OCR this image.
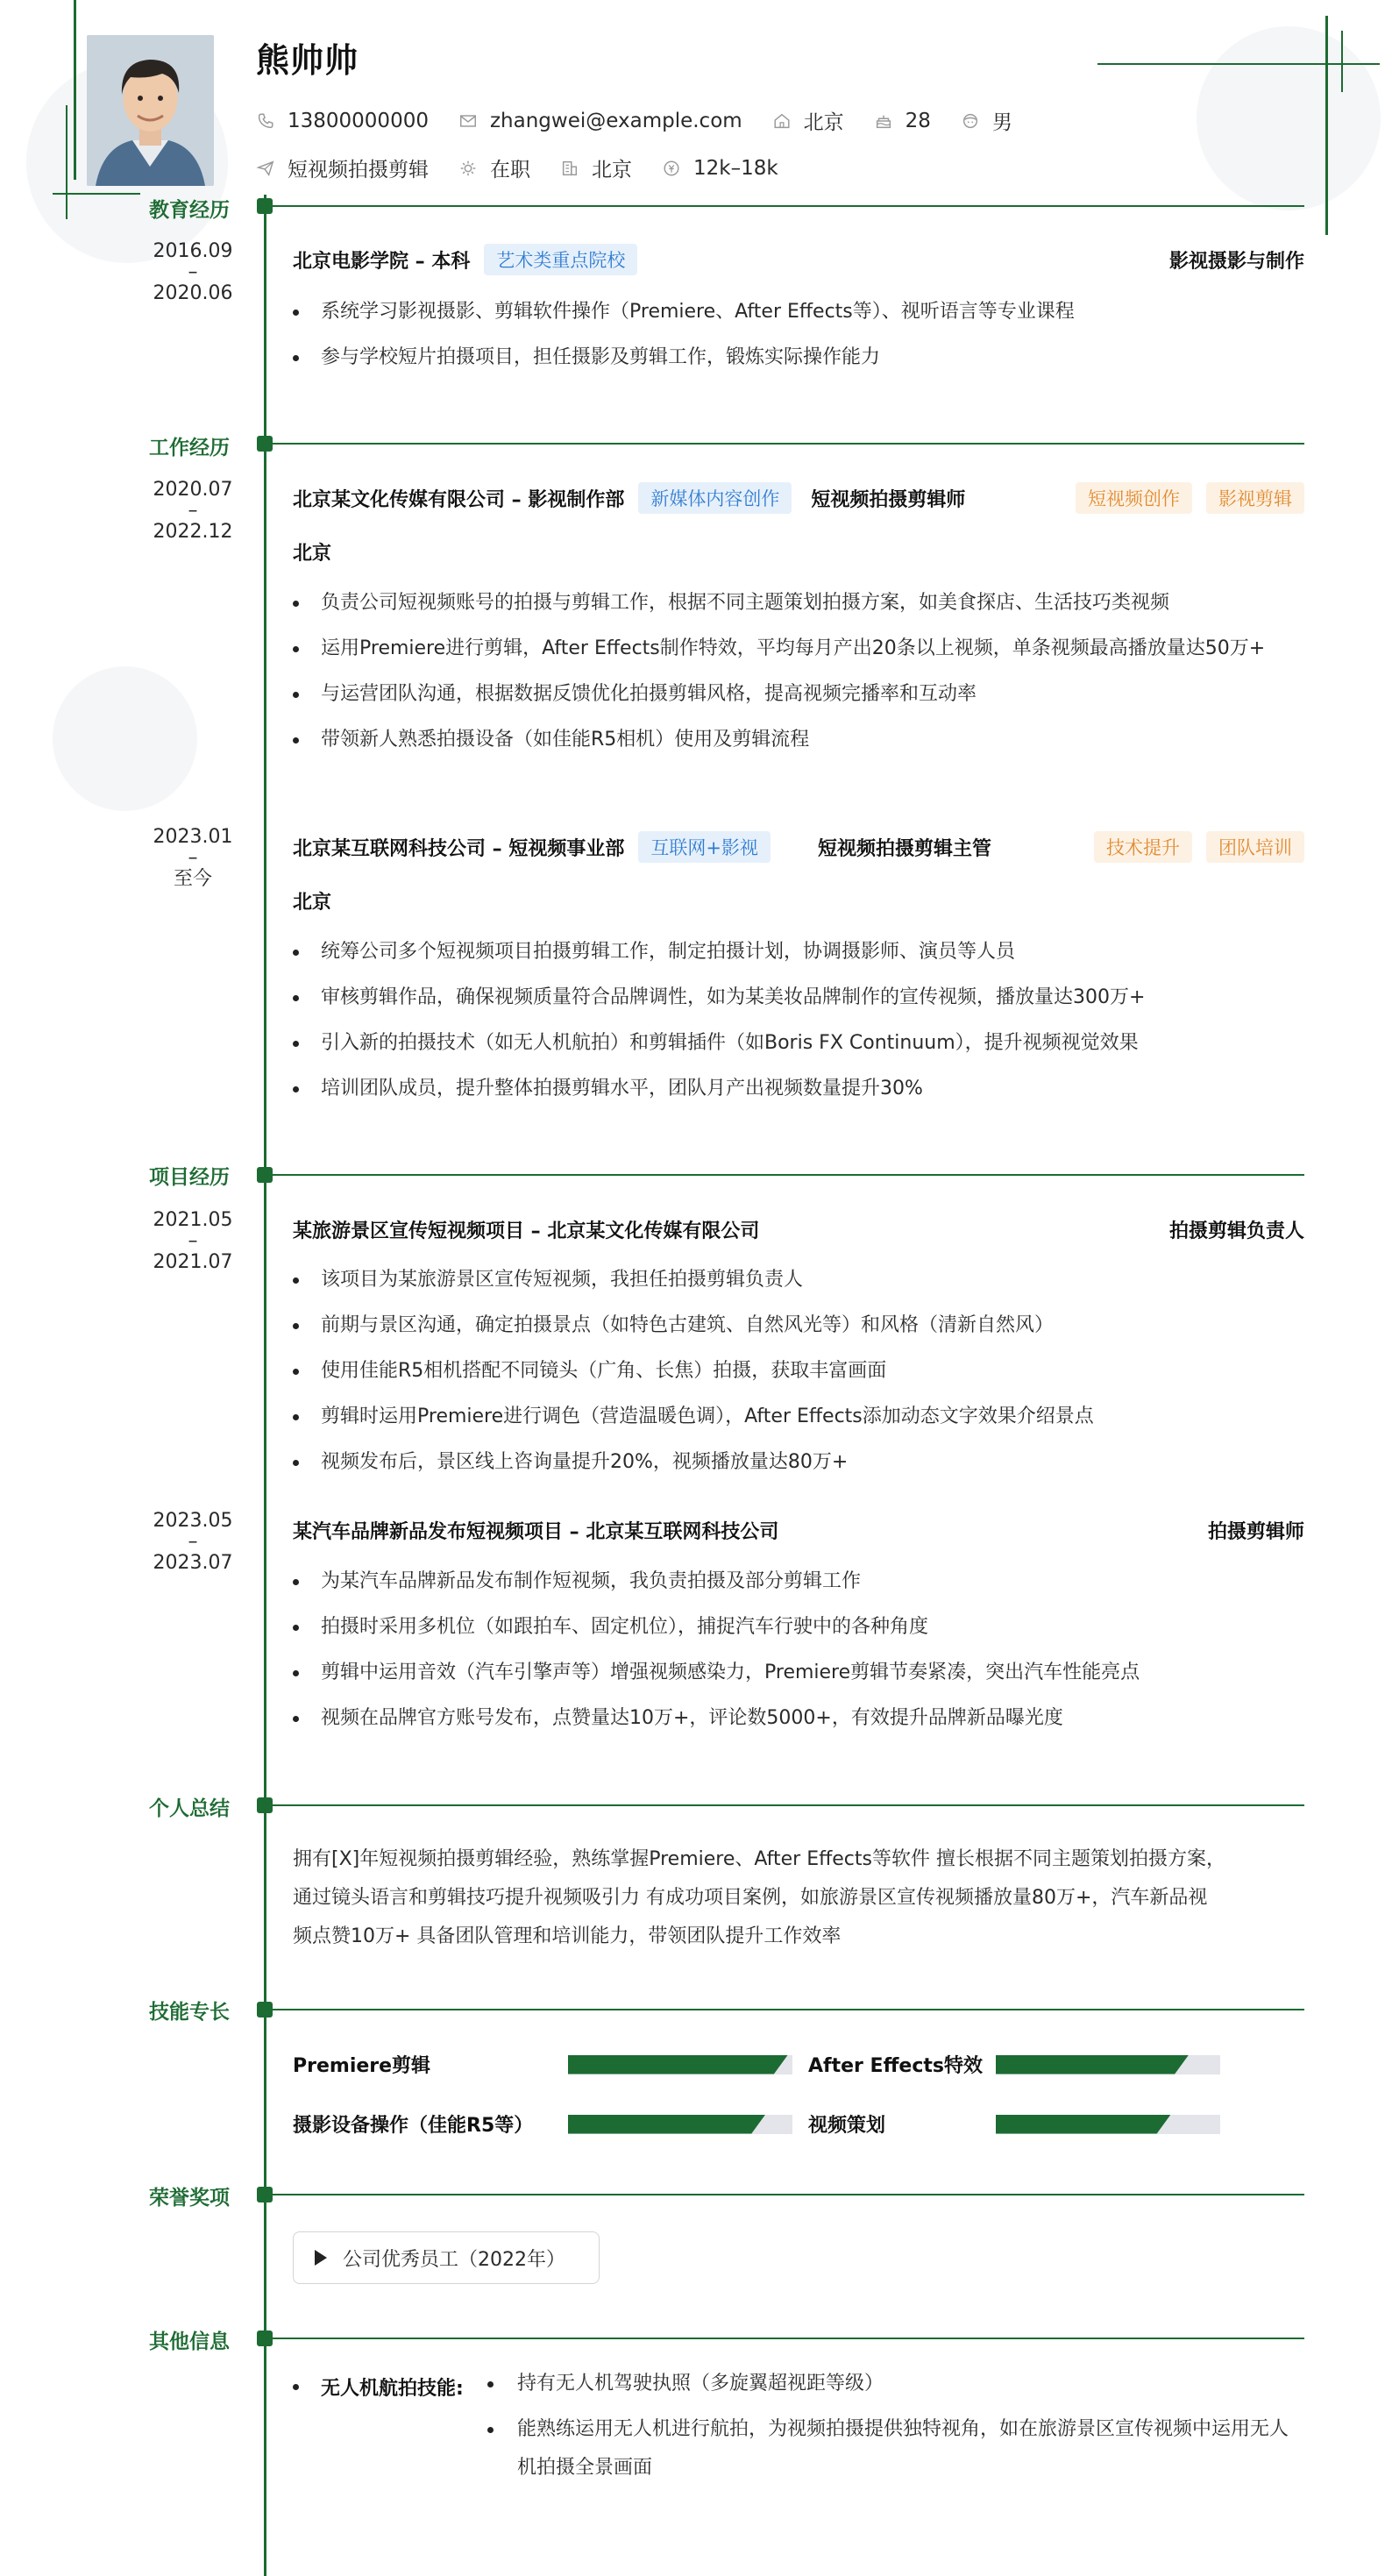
熊帅帅
13800000000	zhangwei@example.com	北京	28	男
短视频拍摄剪辑	在职	北京	12k–18k
教育经历
2016.09
–
2020.06
北京电影学院 – 本科	艺术类重点院校	影视摄影与制作
系统学习影视摄影、剪辑软件操作（Premiere、After Effects等）、视听语言等专业课程
参与学校短片拍摄项目，担任摄影及剪辑工作，锻炼实际操作能力
工作经历
2020.07
–
2022.12
北京某文化传媒有限公司 – 影视制作部	新媒体内容创作	短视频拍摄剪辑师	短视频创作	影视剪辑
北京
负责公司短视频账号的拍摄与剪辑工作，根据不同主题策划拍摄方案，如美食探店、生活技巧类视频
运用Premiere进行剪辑，After Effects制作特效，平均每月产出20条以上视频，单条视频最高播放量达50万+
与运营团队沟通，根据数据反馈优化拍摄剪辑风格，提高视频完播率和互动率
带领新人熟悉拍摄设备（如佳能R5相机）使用及剪辑流程
2023.01
–
至今
北京某互联网科技公司 – 短视频事业部	互联网+影视	短视频拍摄剪辑主管	技术提升	团队培训
北京
统筹公司多个短视频项目拍摄剪辑工作，制定拍摄计划，协调摄影师、演员等人员
审核剪辑作品，确保视频质量符合品牌调性，如为某美妆品牌制作的宣传视频，播放量达300万+
引入新的拍摄技术（如无人机航拍）和剪辑插件（如Boris FX Continuum），提升视频视觉效果
培训团队成员，提升整体拍摄剪辑水平，团队月产出视频数量提升30%
项目经历
2021.05
–
2021.07
某旅游景区宣传短视频项目 – 北京某文化传媒有限公司	拍摄剪辑负责人
该项目为某旅游景区宣传短视频，我担任拍摄剪辑负责人
前期与景区沟通，确定拍摄景点（如特色古建筑、自然风光等）和风格（清新自然风）
使用佳能R5相机搭配不同镜头（广角、长焦）拍摄，获取丰富画面
剪辑时运用Premiere进行调色（营造温暖色调），After Effects添加动态文字效果介绍景点
视频发布后，景区线上咨询量提升20%，视频播放量达80万+
2023.05
–
2023.07
某汽车品牌新品发布短视频项目 – 北京某互联网科技公司	拍摄剪辑师
为某汽车品牌新品发布制作短视频，我负责拍摄及部分剪辑工作
拍摄时采用多机位（如跟拍车、固定机位），捕捉汽车行驶中的各种角度
剪辑中运用音效（汽车引擎声等）增强视频感染力，Premiere剪辑节奏紧凑，突出汽车性能亮点
视频在品牌官方账号发布，点赞量达10万+，评论数5000+，有效提升品牌新品曝光度
个人总结
拥有[X]年短视频拍摄剪辑经验，熟练掌握Premiere、After Effects等软件 擅长根据不同主题策划拍摄方案，
通过镜头语言和剪辑技巧提升视频吸引力 有成功项目案例，如旅游景区宣传视频播放量80万+，汽车新品视
频点赞10万+ 具备团队管理和培训能力，带领团队提升工作效率
技能专长
Premiere剪辑	After Effects特效
摄影设备操作（佳能R5等）	视频策划
荣誉奖项
公司优秀员工（2022年）
其他信息
无人机航拍技能:	持有无人机驾驶执照（多旋翼超视距等级）
能熟练运用无人机进行航拍，为视频拍摄提供独特视角，如在旅游景区宣传视频中运用无人机拍摄全景画面
